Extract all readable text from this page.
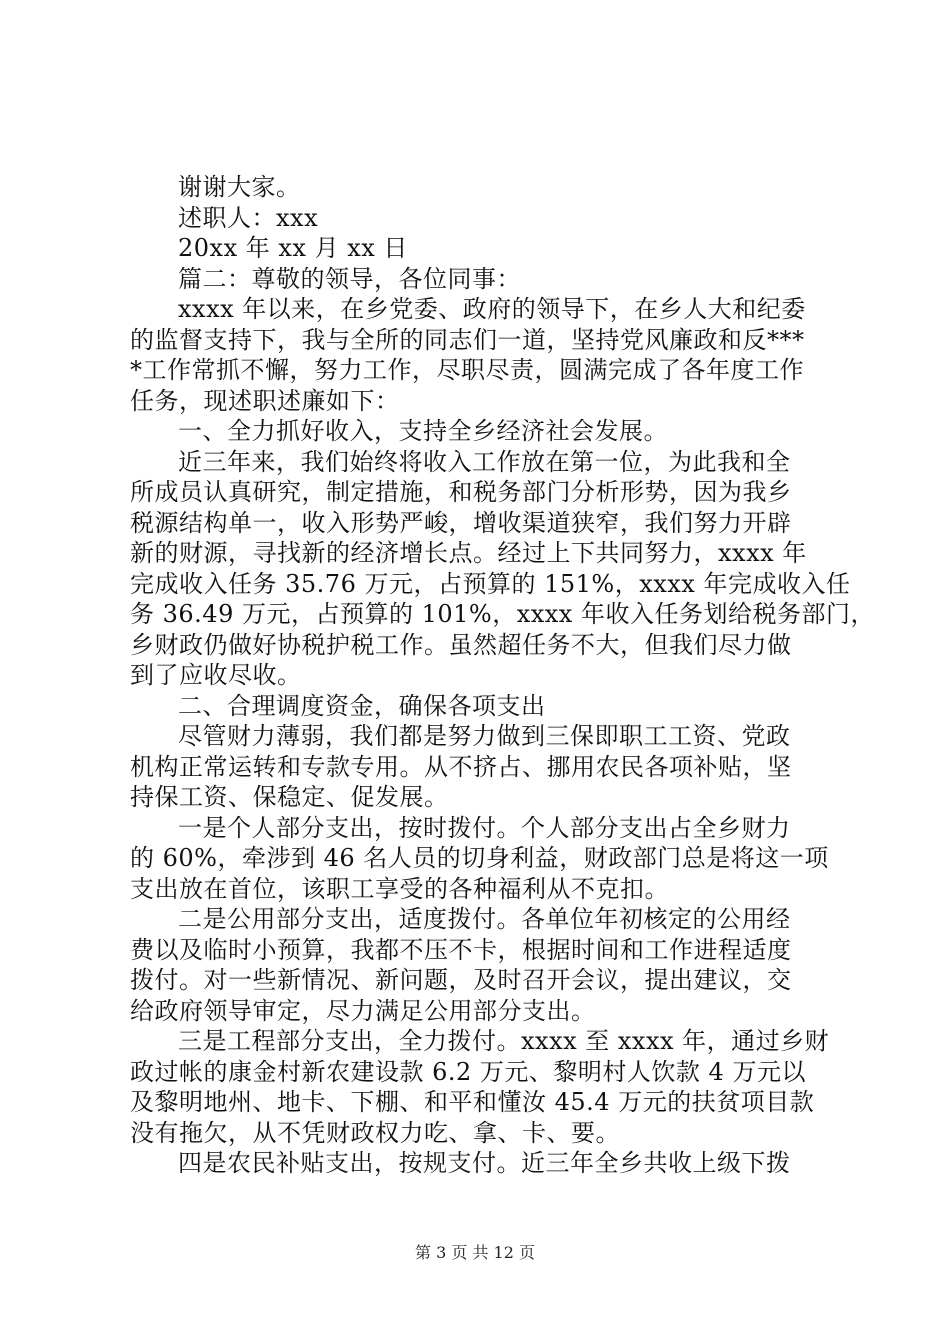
谢谢大家。
述职人：xxx
20xx 年 xx 月 xx 日
篇二：尊敬的领导，各位同事：
xxxx 年以来，在乡党委、政府的领导下，在乡人大和纪委
的监督支持下，我与全所的同志们一道，坚持党风廉政和反***
*工作常抓不懈，努力工作，尽职尽责，圆满完成了各年度工作
任务，现述职述廉如下：
一、全力抓好收入，支持全乡经济社会发展。
近三年来，我们始终将收入工作放在第一位，为此我和全
所成员认真研究，制定措施，和税务部门分析形势，因为我乡
税源结构单一，收入形势严峻，增收渠道狭窄，我们努力开辟
新的财源，寻找新的经济增长点。经过上下共同努力，xxxx 年
完成收入任务 35.76 万元，占预算的 151%，xxxx 年完成收入任
务 36.49 万元，占预算的 101%，xxxx 年收入任务划给税务部门，
乡财政仍做好协税护税工作。虽然超任务不大，但我们尽力做
到了应收尽收。
二、合理调度资金，确保各项支出
尽管财力薄弱，我们都是努力做到三保即职工工资、党政
机构正常运转和专款专用。从不挤占、挪用农民各项补贴，坚
持保工资、保稳定、促发展。
一是个人部分支出，按时拨付。个人部分支出占全乡财力
的 60%，牵涉到 46 名人员的切身利益，财政部门总是将这一项
支出放在首位，该职工享受的各种福利从不克扣。
二是公用部分支出，适度拨付。各单位年初核定的公用经
费以及临时小预算，我都不压不卡，根据时间和工作进程适度
拨付。对一些新情况、新问题，及时召开会议，提出建议，交
给政府领导审定，尽力满足公用部分支出。
三是工程部分支出，全力拨付。xxxx 至 xxxx 年，通过乡财
政过帐的康金村新农建设款 6.2 万元、黎明村人饮款 4 万元以
及黎明地州、地卡、下棚、和平和懂汝 45.4 万元的扶贫项目款
没有拖欠，从不凭财政权力吃、拿、卡、要。
四是农民补贴支出，按规支付。近三年全乡共收上级下拨
第 3 页 共 12 页
